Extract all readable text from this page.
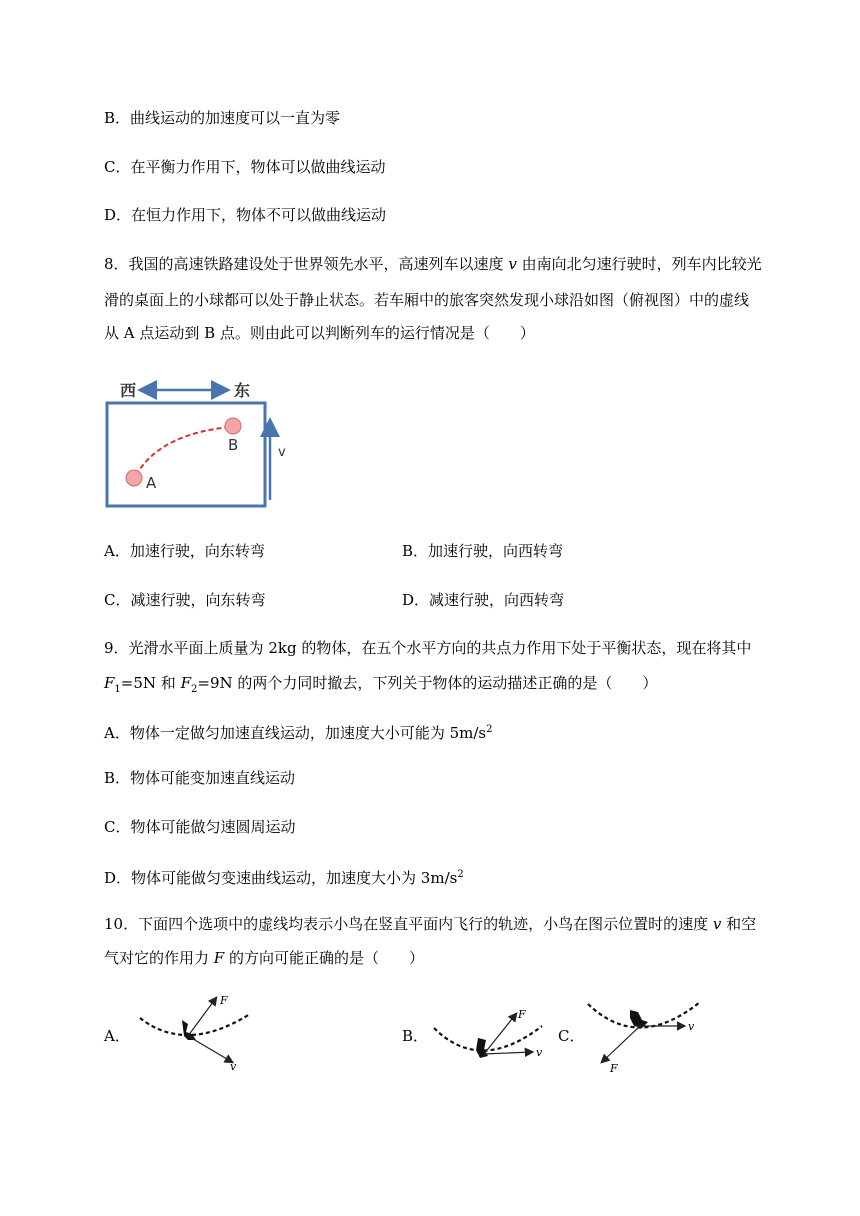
B．曲线运动的加速度可以一直为零
C．在平衡力作用下，物体可以做曲线运动
D．在恒力作用下，物体不可以做曲线运动
8．我国的高速铁路建设处于世界领先水平，高速列车以速度 v 由南向北匀速行驶时，列车内比较光
滑的桌面上的小球都可以处于静止状态。若车厢中的旅客突然发现小球沿如图（俯视图）中的虚线
从 A 点运动到 B 点。则由此可以判断列车的运行情况是（　　）
西	东
A
B	v
A．加速行驶，向东转弯	B．加速行驶，向西转弯
C．减速行驶，向东转弯	D．减速行驶，向西转弯
9．光滑水平面上质量为 2kg 的物体，在五个水平方向的共点力作用下处于平衡状态，现在将其中
$F_1=5N$ 和 $F_2=9N$ 的两个力同时撤去，下列关于物体的运动描述正确的是（　　）
A．物体一定做匀加速直线运动，加速度大小可能为 $5m/s^2$
B．物体可能变加速直线运动
C．物体可能做匀速圆周运动
D．物体可能做匀变速曲线运动，加速度大小为 $3m/s^2$
10．下面四个选项中的虚线均表示小鸟在竖直平面内飞行的轨迹，小鸟在图示位置时的速度 v 和空
气对它的作用力 F 的方向可能正确的是（　　）
A．	B．	C．
F
v
F
v
v
F
